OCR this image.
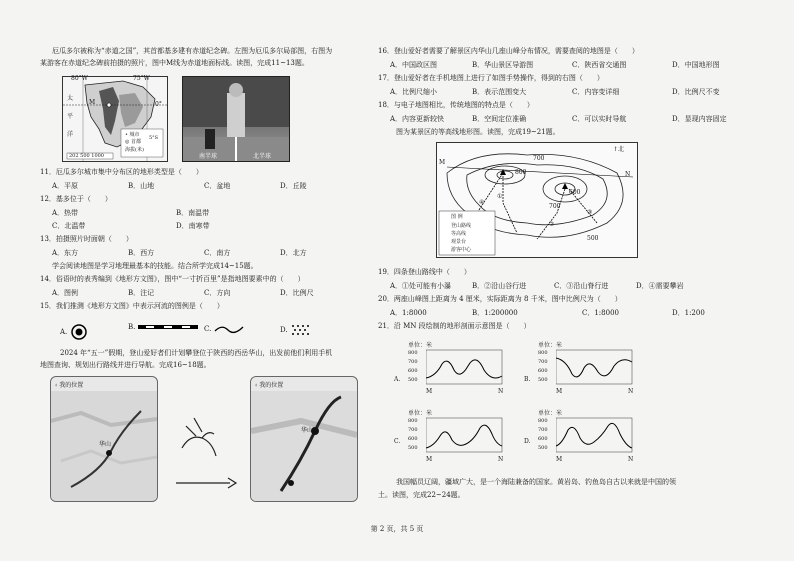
厄瓜多尔被称为“赤道之国”，其首都基多建有赤道纪念碑。左图为厄瓜多尔局部图，右图为
某游客在赤道纪念碑前拍摄的照片，图中M线为赤道地面标线。读图，完成11~13题。
80°W	75°W
太
平
洋
M	0°
5°S
• 城市
◎ 首都
海拔(米)
202 500 1000	南半球	北半球
11．厄瓜多尔城市集中分布区的地形类型是（　　）
A．平原	B．山地	C．盆地	D．丘陵
12．基多位于（　　）
A．热带	B．南温带
C．北温带	D．南寒带
13．拍摄照片时面朝（　　）
A．东方	B．西方	C．南方	D．北方
学会阅读地图是学习地理最基本的技能。结合所学完成14~15题。
14．俗语时的表秀编到《地形方文图》，图中“一寸折百里”是指地图要素中的（　　）
A．图例	B．注记	C．方向	D．比例尺
15．我们推测《地形方文图》中表示河流的图例是（　　）
A.
B.	C.	D.
2024 年“五一”假期，登山爱好者们计划攀登位于陕西的西岳华山，出发前他们利用手机
地图查询、规划出行路线并进行导航。完成16~18题。
‹ 我的位置
华山
‹ 我的位置
华山
16．登山爱好者需要了解景区内华山几座山峰分布情况，需要查阅的地图是（　　）
A．中国政区图	B．华山景区导游图	C．陕西省交通图	D．中国地形图
17．登山爱好者在手机地图上进行了如图手势操作，得到的右图（　　）
A．比例尺缩小	B．表示范围变大	C．内容变详细	D．比例尺不变
18．与电子地图相比，传统地图的特点是（　　）
A．内容更新较快	B．空间定位准确	C．可以实时导航	D．显现内容固定
图为某景区的等高线地形图。读图，完成19~21题。
↑北
M
N
700
700
600
500
800
①
②
③
④
图 例
登山路线
等高线
观景台
游客中心
19．四条登山路线中（　　）
A．①处可能有小瀑	B．②沿山谷行进	C．③沿山脊行进	D．④需要攀岩
20．两座山峰图上距离为 4 厘米，实际距离为 8 千米，图中比例尺为（　　）
A．1:8000	B．1:200000	C．1:8000	D．1:200
21．沿 MN 段绘制的地形剖面示意图是（　　）
A.
单位：米
800
700
600
500
M	N
B.
单位：米
800
700
600
500
M	N
C.
单位：米
800
700
600
500
M	N
D.
单位：米
800
700
600
500
M	N
我国幅员辽阔，疆域广大，是一个海陆兼备的国家。黄岩岛、钓鱼岛自古以来就是中国的领
土。读图，完成22~24题。
第 2 页，共 5 页
